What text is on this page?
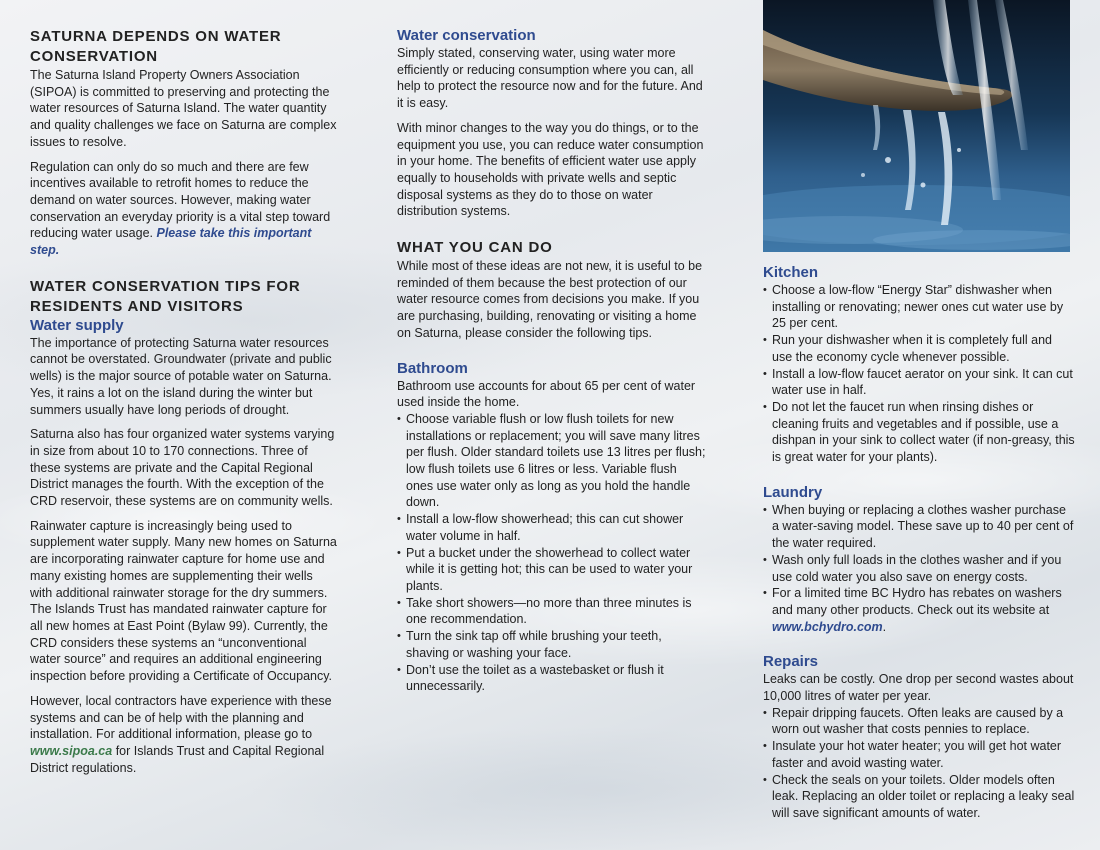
SATURNA DEPENDS ON WATER CONSERVATION

The Saturna Island Property Owners Association (SIPOA) is committed to preserving and protecting the water resources of Saturna Island. The water quantity and quality challenges we face on Saturna are complex issues to resolve.

Regulation can only do so much and there are few incentives available to retrofit homes to reduce the demand on water sources. However, making water conservation an everyday priority is a vital step toward reducing water usage. Please take this important step.

WATER CONSERVATION TIPS FOR RESIDENTS AND VISITORS
Water supply

The importance of protecting Saturna water resources cannot be overstated. Groundwater (private and public wells) is the major source of potable water on Saturna. Yes, it rains a lot on the island during the winter but summers usually have long periods of drought.

Saturna also has four organized water systems varying in size from about 10 to 170 connections. Three of these systems are private and the Capital Regional District manages the fourth. With the exception of the CRD reservoir, these systems are on community wells.

Rainwater capture is increasingly being used to supplement water supply. Many new homes on Saturna are incorporating rainwater capture for home use and many existing homes are supplementing their wells with additional rainwater storage for the dry summers. The Islands Trust has mandated rainwater capture for all new homes at East Point (Bylaw 99). Currently, the CRD considers these systems an “unconventional water source” and requires an additional engineering inspection before providing a Certificate of Occupancy.

However, local contractors have experience with these systems and can be of help with the planning and installation. For additional information, please go to www.sipoa.ca for Islands Trust and Capital Regional District regulations.

Water conservation

Simply stated, conserving water, using water more efficiently or reducing consumption where you can, all help to protect the resource now and for the future. And it is easy.

With minor changes to the way you do things, or to the equipment you use, you can reduce water consumption in your home. The benefits of efficient water use apply equally to households with private wells and septic disposal systems as they do to those on water distribution systems.

WHAT YOU CAN DO

While most of these ideas are not new, it is useful to be reminded of them because the best protection of our water resource comes from decisions you make. If you are purchasing, building, renovating or visiting a home on Saturna, please consider the following tips.

Bathroom

Bathroom use accounts for about 65 per cent of water used inside the home.

• Choose variable flush or low flush toilets for new installations or replacement; you will save many litres per flush. Older standard toilets use 13 litres per flush; low flush toilets use 6 litres or less. Variable flush ones use water only as long as you hold the handle down.
• Install a low-flow showerhead; this can cut shower water volume in half.
• Put a bucket under the showerhead to collect water while it is getting hot; this can be used to water your plants.
• Take short showers—no more than three minutes is one recommendation.
• Turn the sink tap off while brushing your teeth, shaving or washing your face.
• Don’t use the toilet as a wastebasket or flush it unnecessarily.
Kitchen
• Choose a low-flow “Energy Star” dishwasher when installing or renovating; newer ones cut water use by 25 per cent.
• Run your dishwasher when it is completely full and use the economy cycle whenever possible.
• Install a low-flow faucet aerator on your sink. It can cut water use in half.
• Do not let the faucet run when rinsing dishes or cleaning fruits and vegetables and if possible, use a dishpan in your sink to collect water (if non-greasy, this is great water for your plants).
Laundry
• When buying or replacing a clothes washer purchase a water-saving model. These save up to 40 per cent of the water required.
• Wash only full loads in the clothes washer and if you use cold water you also save on energy costs.
• For a limited time BC Hydro has rebates on washers and many other products. Check out its website at www.bchydro.com.
Repairs

Leaks can be costly. One drop per second wastes about 10,000 litres of water per year.

• Repair dripping faucets. Often leaks are caused by a worn out washer that costs pennies to replace.
• Insulate your hot water heater; you will get hot water faster and avoid wasting water.
• Check the seals on your toilets. Older models often leak. Replacing an older toilet or replacing a leaky seal will save significant amounts of water.
